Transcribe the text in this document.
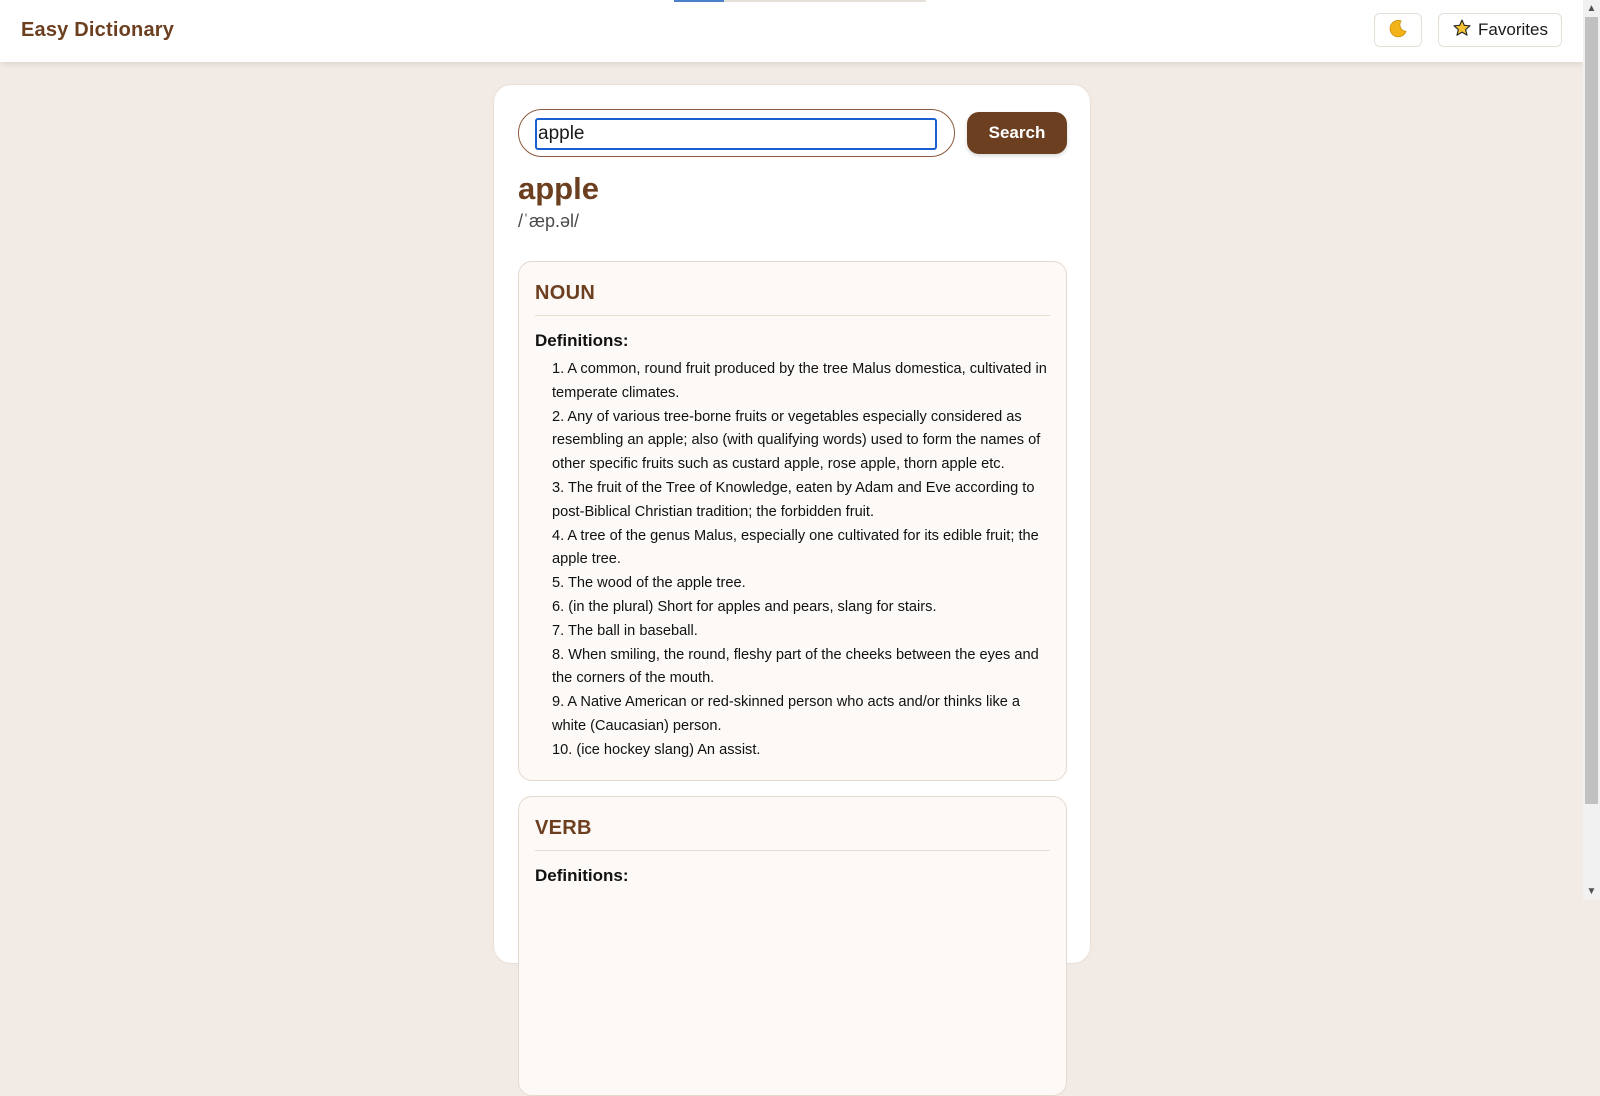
Easy Dictionary	Favorites
apple
Search
apple
/ˈæp.əl/
NOUN
Definitions:
1. A common, round fruit produced by the tree Malus domestica, cultivated in temperate climates.
2. Any of various tree-borne fruits or vegetables especially considered as resembling an apple; also (with qualifying words) used to form the names of other specific fruits such as custard apple, rose apple, thorn apple etc.
3. The fruit of the Tree of Knowledge, eaten by Adam and Eve according to post-Biblical Christian tradition; the forbidden fruit.
4. A tree of the genus Malus, especially one cultivated for its edible fruit; the apple tree.
5. The wood of the apple tree.
6. (in the plural) Short for apples and pears, slang for stairs.
7. The ball in baseball.
8. When smiling, the round, fleshy part of the cheeks between the eyes and the corners of the mouth.
9. A Native American or red-skinned person who acts and/or thinks like a white (Caucasian) person.
10. (ice hockey slang) An assist.
VERB
Definitions:
▲
▼
